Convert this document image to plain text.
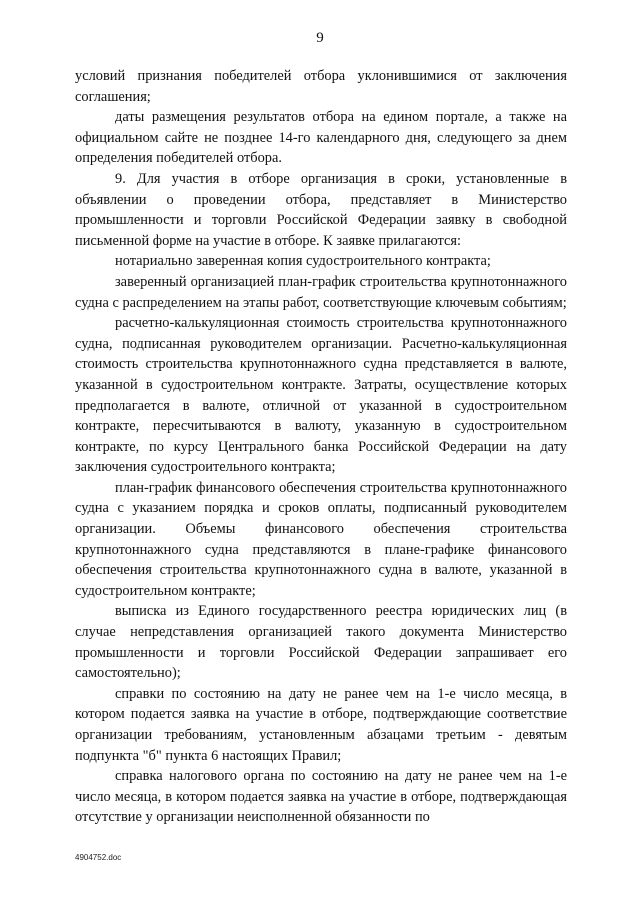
9

условий признания победителей отбора уклонившимися от заключения соглашения;

даты размещения результатов отбора на едином портале, а также на официальном сайте не позднее 14-го календарного дня, следующего за днем определения победителей отбора.

9. Для участия в отборе организация в сроки, установленные в объявлении о проведении отбора, представляет в Министерство промышленности и торговли Российской Федерации заявку в свободной письменной форме на участие в отборе. К заявке прилагаются:

нотариально заверенная копия судостроительного контракта;

заверенный организацией план-график строительства крупнотоннажного судна с распределением на этапы работ, соответствующие ключевым событиям;

расчетно-калькуляционная стоимость строительства крупнотоннажного судна, подписанная руководителем организации. Расчетно-калькуляционная стоимость строительства крупнотоннажного судна представляется в валюте, указанной в судостроительном контракте. Затраты, осуществление которых предполагается в валюте, отличной от указанной в судостроительном контракте, пересчитываются в валюту, указанную в судостроительном контракте, по курсу Центрального банка Российской Федерации на дату заключения судостроительного контракта;

план-график финансового обеспечения строительства крупнотоннажного судна с указанием порядка и сроков оплаты, подписанный руководителем организации. Объемы финансового обеспечения строительства крупнотоннажного судна представляются в плане-графике финансового обеспечения строительства крупнотоннажного судна в валюте, указанной в судостроительном контракте;

выписка из Единого государственного реестра юридических лиц (в случае непредставления организацией такого документа Министерство промышленности и торговли Российской Федерации запрашивает его самостоятельно);

справки по состоянию на дату не ранее чем на 1-е число месяца, в котором подается заявка на участие в отборе, подтверждающие соответствие организации требованиям, установленным абзацами третьим - девятым подпункта "б" пункта 6 настоящих Правил;

справка налогового органа по состоянию на дату не ранее чем на 1-е число месяца, в котором подается заявка на участие в отборе, подтверждающая отсутствие у организации неисполненной обязанности по

4904752.doc
